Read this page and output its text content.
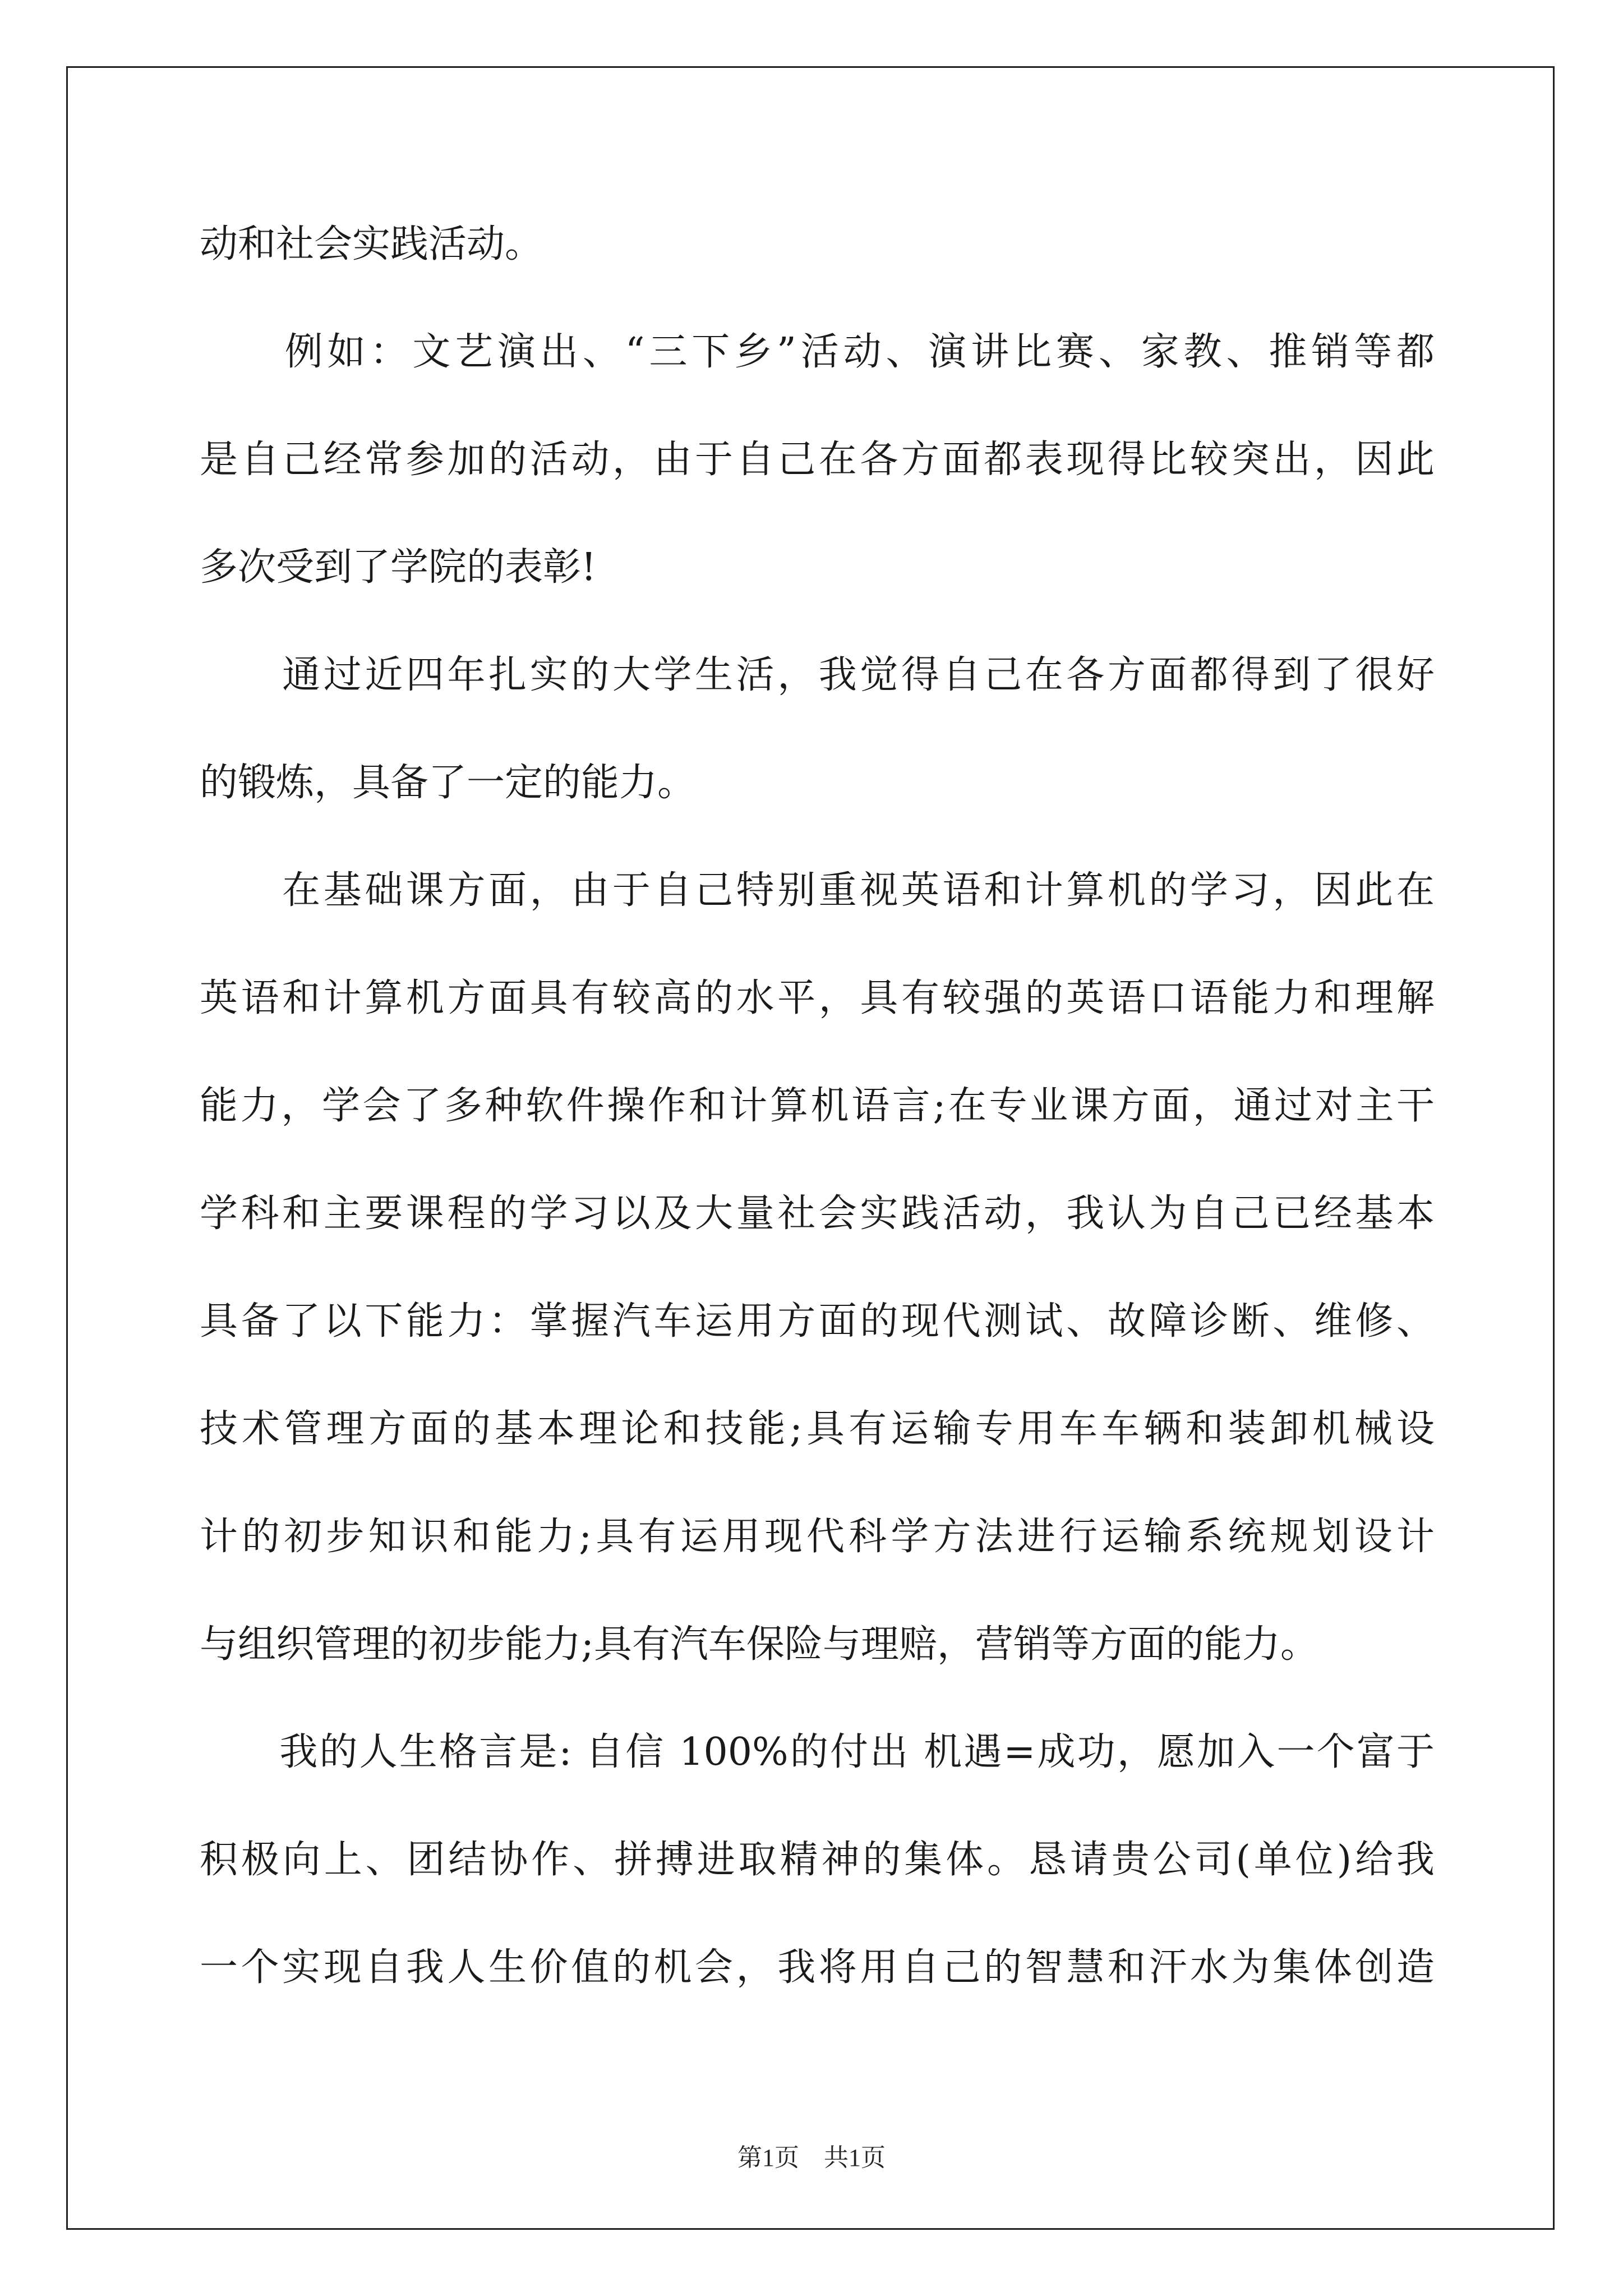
动和社会实践活动。
　　例如：文艺演出、“三下乡”活动、演讲比赛、家教、推销等都
是自己经常参加的活动，由于自己在各方面都表现得比较突出，因此
多次受到了学院的表彰!
　　通过近四年扎实的大学生活，我觉得自己在各方面都得到了很好
的锻炼，具备了一定的能力。
　　在基础课方面，由于自己特别重视英语和计算机的学习，因此在
英语和计算机方面具有较高的水平，具有较强的英语口语能力和理解
能力，学会了多种软件操作和计算机语言;在专业课方面，通过对主干
学科和主要课程的学习以及大量社会实践活动，我认为自己已经基本
具备了以下能力：掌握汽车运用方面的现代测试、故障诊断、维修、
技术管理方面的基本理论和技能;具有运输专用车车辆和装卸机械设
计的初步知识和能力;具有运用现代科学方法进行运输系统规划设计
与组织管理的初步能力;具有汽车保险与理赔，营销等方面的能力。
　　我的人生格言是: 自信 100%的付出 机遇=成功，愿加入一个富于
积极向上、团结协作、拼搏进取精神的集体。恳请贵公司(单位)给我
一个实现自我人生价值的机会，我将用自己的智慧和汗水为集体创造
第1页　共1页
